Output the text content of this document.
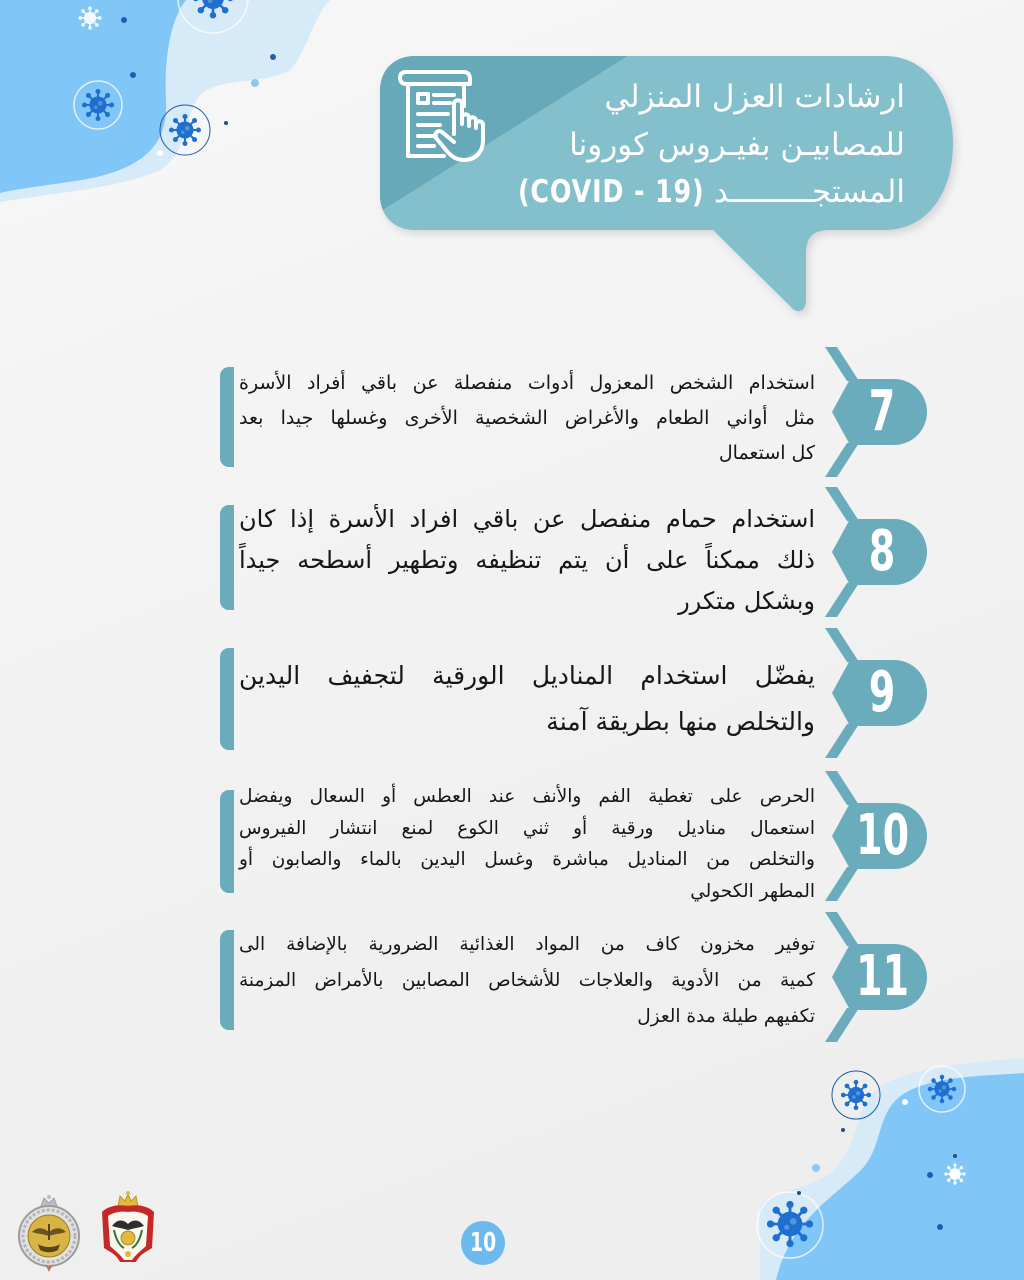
ارشادات العزل المنزلي
للمصابيـن بفيـروس كورونا
المستجـــــــــد (COVID - 19)
استخدام الشخص المعزول أدوات منفصلة عن باقي أفراد الأسرة
مثل أواني الطعام والأغراض الشخصية الأخرى وغسلها جيدا بعد
كل استعمال
7
استخدام حمام منفصل عن باقي افراد الأسرة إذا كان
ذلك ممكناً على أن يتم تنظيفه وتطهير أسطحه جيداً
وبشكل متكرر
8
يفضّل استخدام المناديل الورقية لتجفيف اليدين
والتخلص منها بطريقة آمنة 9
الحرص على تغطية الفم والأنف عند العطس أو السعال ويفضل
استعمال مناديل ورقية أو ثني الكوع لمنع انتشار الفيروس
والتخلص من المناديل مباشرة وغسل اليدين بالماء والصابون أو
المطهر الكحولي
10
توفير مخزون كاف من المواد الغذائية الضرورية بالإضافة الى
كمية من الأدوية والعلاجات للأشخاص المصابين بالأمراض المزمنة
تكفيهم طيلة مدة العزل
11
10
